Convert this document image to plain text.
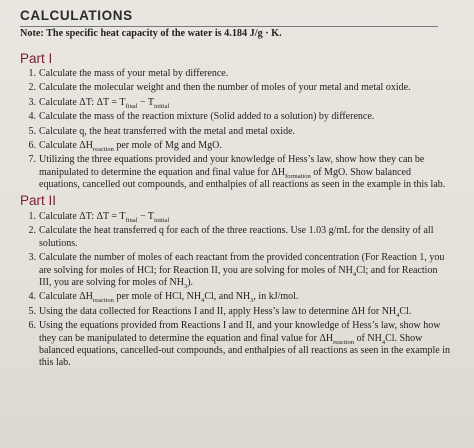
CALCULATIONS
Note: The specific heat capacity of the water is 4.184 J/g · K.
Part I
1. Calculate the mass of your metal by difference.
2. Calculate the molecular weight and then the number of moles of your metal and metal oxide.
3. Calculate ΔT: $\Delta T = T_{final} - T_{initial}$
4. Calculate the mass of the reaction mixture (Solid added to a solution) by difference.
5. Calculate q, the heat transferred with the metal and metal oxide.
6. Calculate $\Delta H_{reaction}$ per mole of Mg and MgO.
7. Utilizing the three equations provided and your knowledge of Hess’s law, show how they can be manipulated to determine the equation and final value for $\Delta H_{formation}$ of MgO. Show balanced equations, cancelled out compounds, and enthalpies of all reactions as seen in the example in this lab.
Part II
1. Calculate ΔT: $\Delta T = T_{final} - T_{initial}$
2. Calculate the heat transferred q for each of the three reactions. Use 1.03 g/mL for the density of all solutions.
3. Calculate the number of moles of each reactant from the provided concentration (For Reaction 1, you are solving for moles of HCl; for Reaction II, you are solving for moles of $NH_4Cl$; and for Reaction III, you are solving for moles of $NH_3$).
4. Calculate $\Delta H_{reaction}$ per mole of HCl, $NH_4Cl$, and $NH_3$, in kJ/mol.
5. Using the data collected for Reactions I and II, apply Hess’s law to determine ΔH for $NH_4Cl$.
6. Using the equations provided from Reactions I and II, and your knowledge of Hess’s law, show how they can be manipulated to determine the equation and final value for $\Delta H_{reaction}$ of $NH_4Cl$. Show balanced equations, cancelled-out compounds, and enthalpies of all reactions as seen in the example in this lab.
